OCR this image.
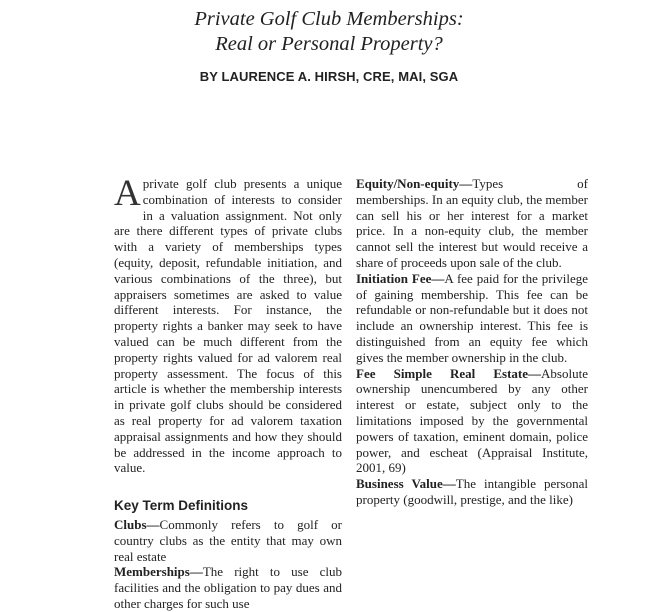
Private Golf Club Memberships:
Real or Personal Property?
BY LAURENCE A. HIRSH, CRE, MAI, SGA

A private golf club presents a unique combination of interests to consider in a valuation assignment. Not only are there different types of private clubs with a variety of memberships types (equity, deposit, refundable initiation, and various combinations of the three), but appraisers sometimes are asked to value different interests. For instance, the property rights a banker may seek to have valued can be much different from the property rights valued for ad valorem real property assessment. The focus of this article is whether the membership interests in private golf clubs should be considered as real property for ad valorem taxation appraisal assignments and how they should be addressed in the income approach to value.

Key Term Definitions

Clubs—Commonly refers to golf or country clubs as the entity that may own real estate

Memberships—The right to use club facilities and the obligation to pay dues and other charges for such use

Equity/Non-equity—Types of memberships. In an equity club, the member can sell his or her interest for a market price. In a non-equity club, the member cannot sell the interest but would receive a share of proceeds upon sale of the club.

Initiation Fee—A fee paid for the privilege of gaining membership. This fee can be refundable or non-refundable but it does not include an ownership interest. This fee is distinguished from an equity fee which gives the member ownership in the club.

Fee Simple Real Estate—Absolute ownership unencumbered by any other interest or estate, subject only to the limitations imposed by the governmental powers of taxation, eminent domain, police power, and escheat (Appraisal Institute, 2001, 69)

Business Value—The intangible personal property (goodwill, prestige, and the like)
